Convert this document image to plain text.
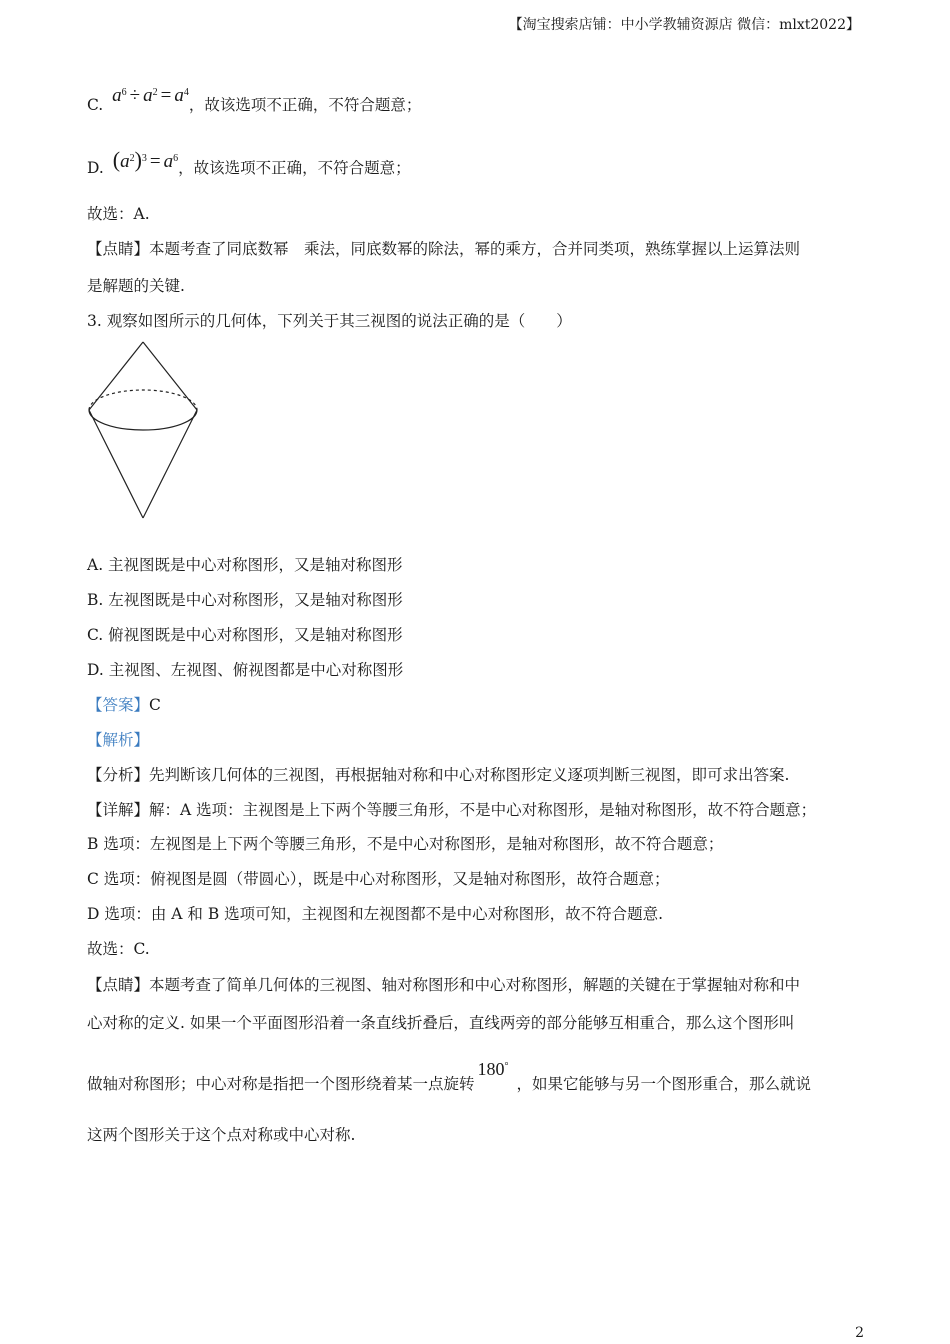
【淘宝搜索店铺：中小学教辅资源店 微信：mlxt2022】
C. $a^6 \div a^2 = a^4$，故该选项不正确，不符合题意；
D. $(a^2)^3 = a^6$，故该选项不正确，不符合题意；
故选：A.
【点睛】本题考查了同底数幂　乘法，同底数幂的除法，幂的乘方，合并同类项，熟练掌握以上运算法则
是解题的关键.
3. 观察如图所示的几何体，下列关于其三视图的说法正确的是（　　）
A. 主视图既是中心对称图形，又是轴对称图形
B. 左视图既是中心对称图形，又是轴对称图形
C. 俯视图既是中心对称图形，又是轴对称图形
D. 主视图、左视图、俯视图都是中心对称图形
【答案】C
【解析】
【分析】先判断该几何体的三视图，再根据轴对称和中心对称图形定义逐项判断三视图，即可求出答案.
【详解】解：A 选项：主视图是上下两个等腰三角形，不是中心对称图形，是轴对称图形，故不符合题意；
B 选项：左视图是上下两个等腰三角形，不是中心对称图形，是轴对称图形，故不符合题意；
C 选项：俯视图是圆（带圆心），既是中心对称图形，又是轴对称图形，故符合题意；
D 选项：由 A 和 B 选项可知，主视图和左视图都不是中心对称图形，故不符合题意.
故选：C.
【点睛】本题考查了简单几何体的三视图、轴对称图形和中心对称图形，解题的关键在于掌握轴对称和中
心对称的定义. 如果一个平面图形沿着一条直线折叠后，直线两旁的部分能够互相重合，那么这个图形叫
做轴对称图形；中心对称是指把一个图形绕着某一点旋转180°，如果它能够与另一个图形重合，那么就说
这两个图形关于这个点对称或中心对称.
2
